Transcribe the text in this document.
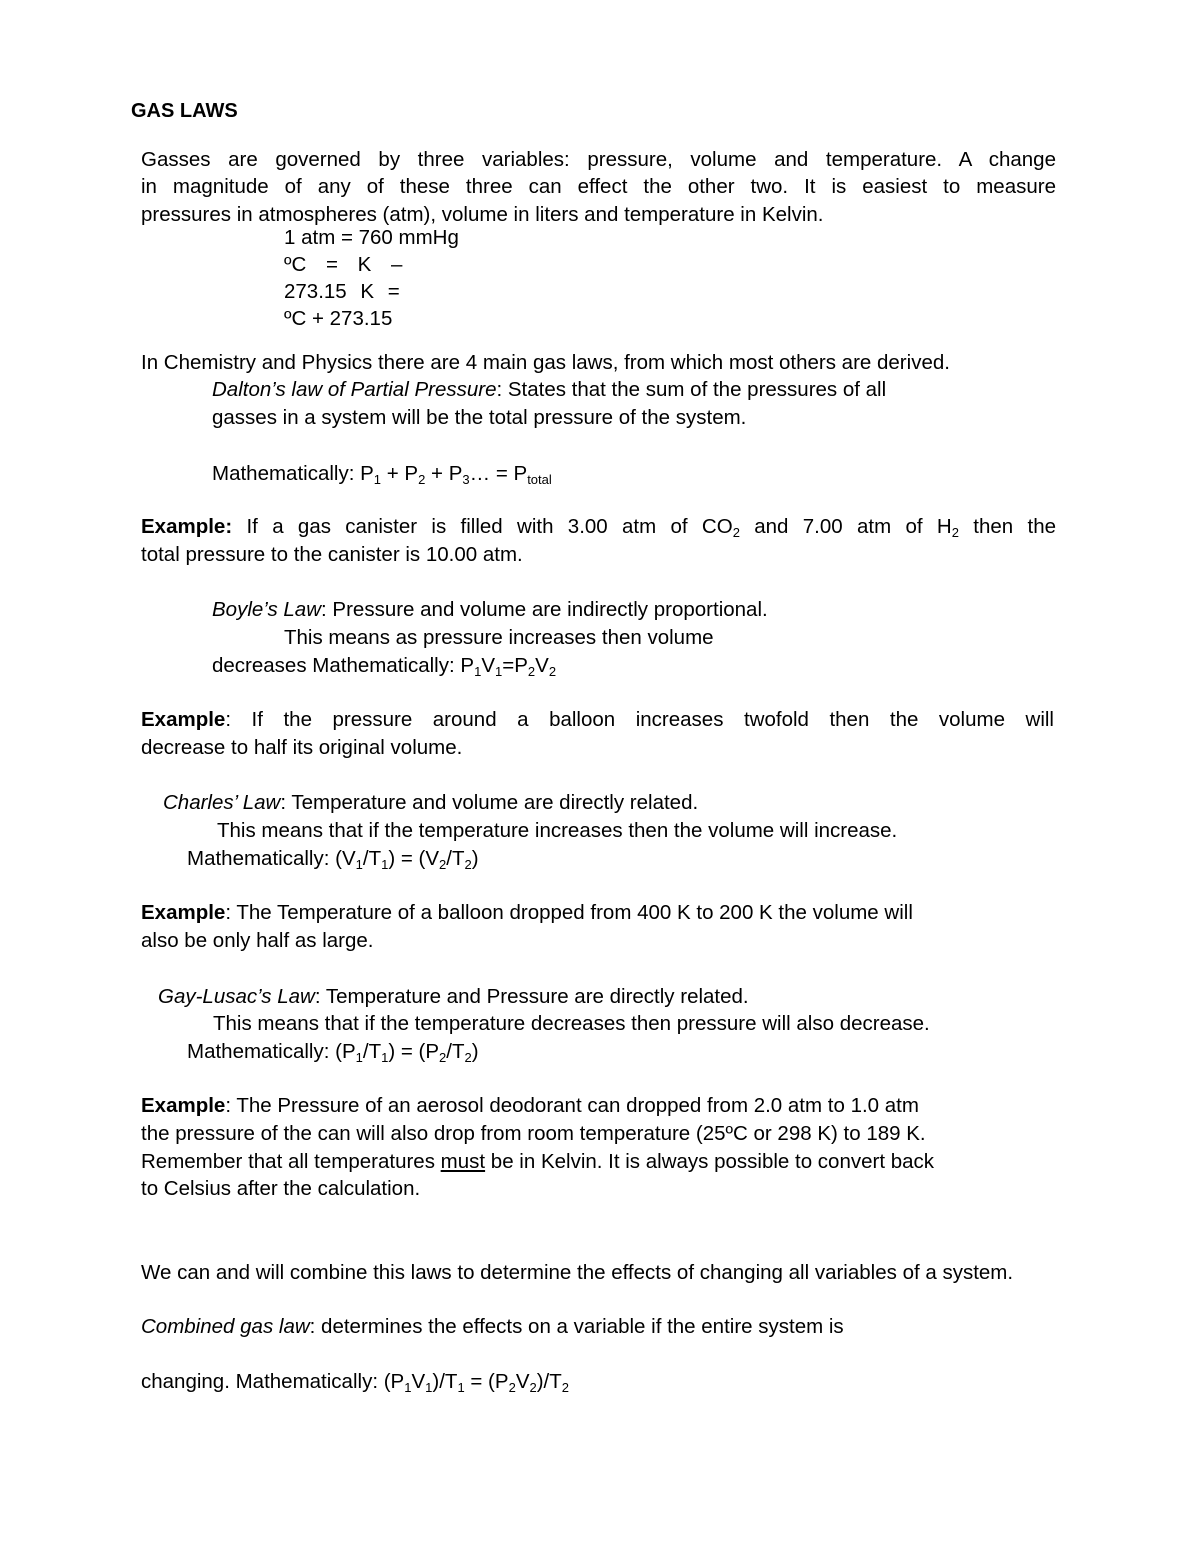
GAS LAWS
Gasses are governed by three variables: pressure, volume and temperature. A change
in magnitude of any of these three can effect the other two. It is easiest to measure
pressures in atmospheres (atm), volume in liters and temperature in Kelvin.
1 atm = 760 mmHg
ºC = K –
273.15 K =
ºC + 273.15
In Chemistry and Physics there are 4 main gas laws, from which most others are derived.
Dalton’s law of Partial Pressure: States that the sum of the pressures of all
gasses in a system will be the total pressure of the system.
Mathematically: $P_1 + P_2$ + $P_3\dots = P_{total}$
Example: If a gas canister is filled with 3.00 atm of $CO_2$ and 7.00 atm of $H_2$ then the
total pressure to the canister is 10.00 atm.
Boyle’s Law: Pressure and volume are indirectly proportional.
This means as pressure increases then volume
decreases Mathematically: $P_1V_1=P_2V_2$
Example: If the pressure around a balloon increases twofold then the volume will
decrease to half its original volume.
Charles’ Law: Temperature and volume are directly related.
This means that if the temperature increases then the volume will increase.
Mathematically: $(V_1/T_1) = (V_2/T_2)$
Example: The Temperature of a balloon dropped from 400 K to 200 K the volume will
also be only half as large.
Gay-Lusac’s Law: Temperature and Pressure are directly related.
This means that if the temperature decreases then pressure will also decrease.
Mathematically: $(P_1/T_1) = (P_2/T_2)$
Example: The Pressure of an aerosol deodorant can dropped from 2.0 atm to 1.0 atm
the pressure of the can will also drop from room temperature (25ºC or 298 K) to 189 K.
Remember that all temperatures must be in Kelvin. It is always possible to convert back
to Celsius after the calculation.
We can and will combine this laws to determine the effects of changing all variables of a system.
Combined gas law: determines the effects on a variable if the entire system is
changing. Mathematically: $(P_1V_1)/T_1 = (P_2V_2)/T_2$
